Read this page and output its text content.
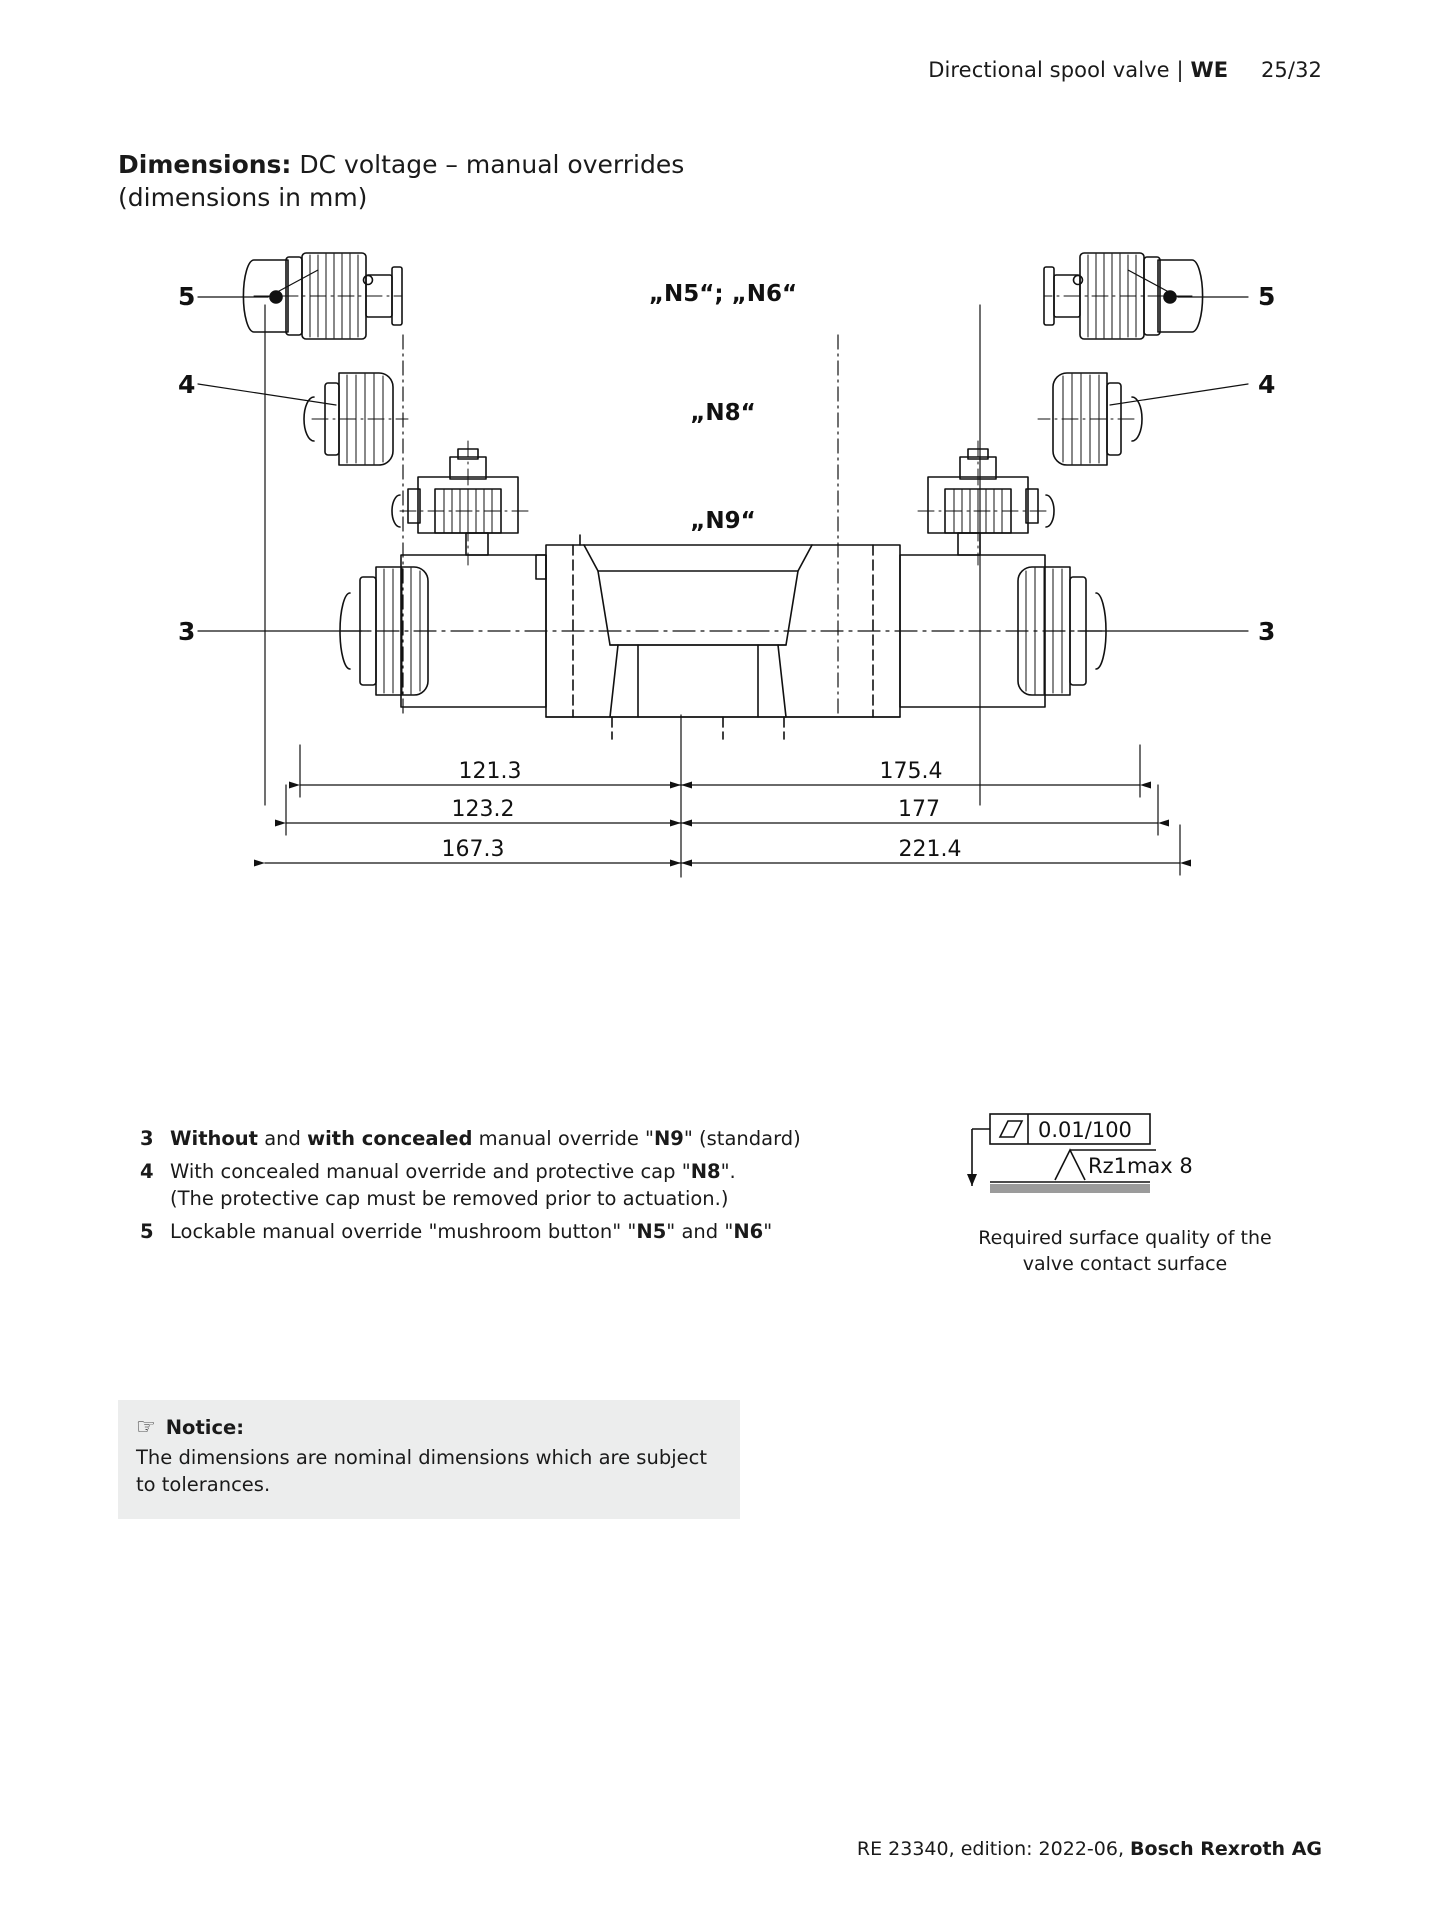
Directional spool valve | WE 25/32
Dimensions: DC voltage – manual overrides
(dimensions in mm)
5
4
3
5
4
3
„N5“; „N6“
„N8“
„N9“
121.3	175.4
123.2	177
167.3	221.4
3 Without and with concealed manual override "N9" (standard)
4 With concealed manual override and protective cap "N8".
(The protective cap must be removed prior to actuation.)
5 Lockable manual override "mushroom button" "N5" and "N6"
0.01/100
Rz1max 8
Required surface quality of the
valve contact surface
☞ Notice:
The dimensions are nominal dimensions which are subject to tolerances.
RE 23340, edition: 2022-06, Bosch Rexroth AG
